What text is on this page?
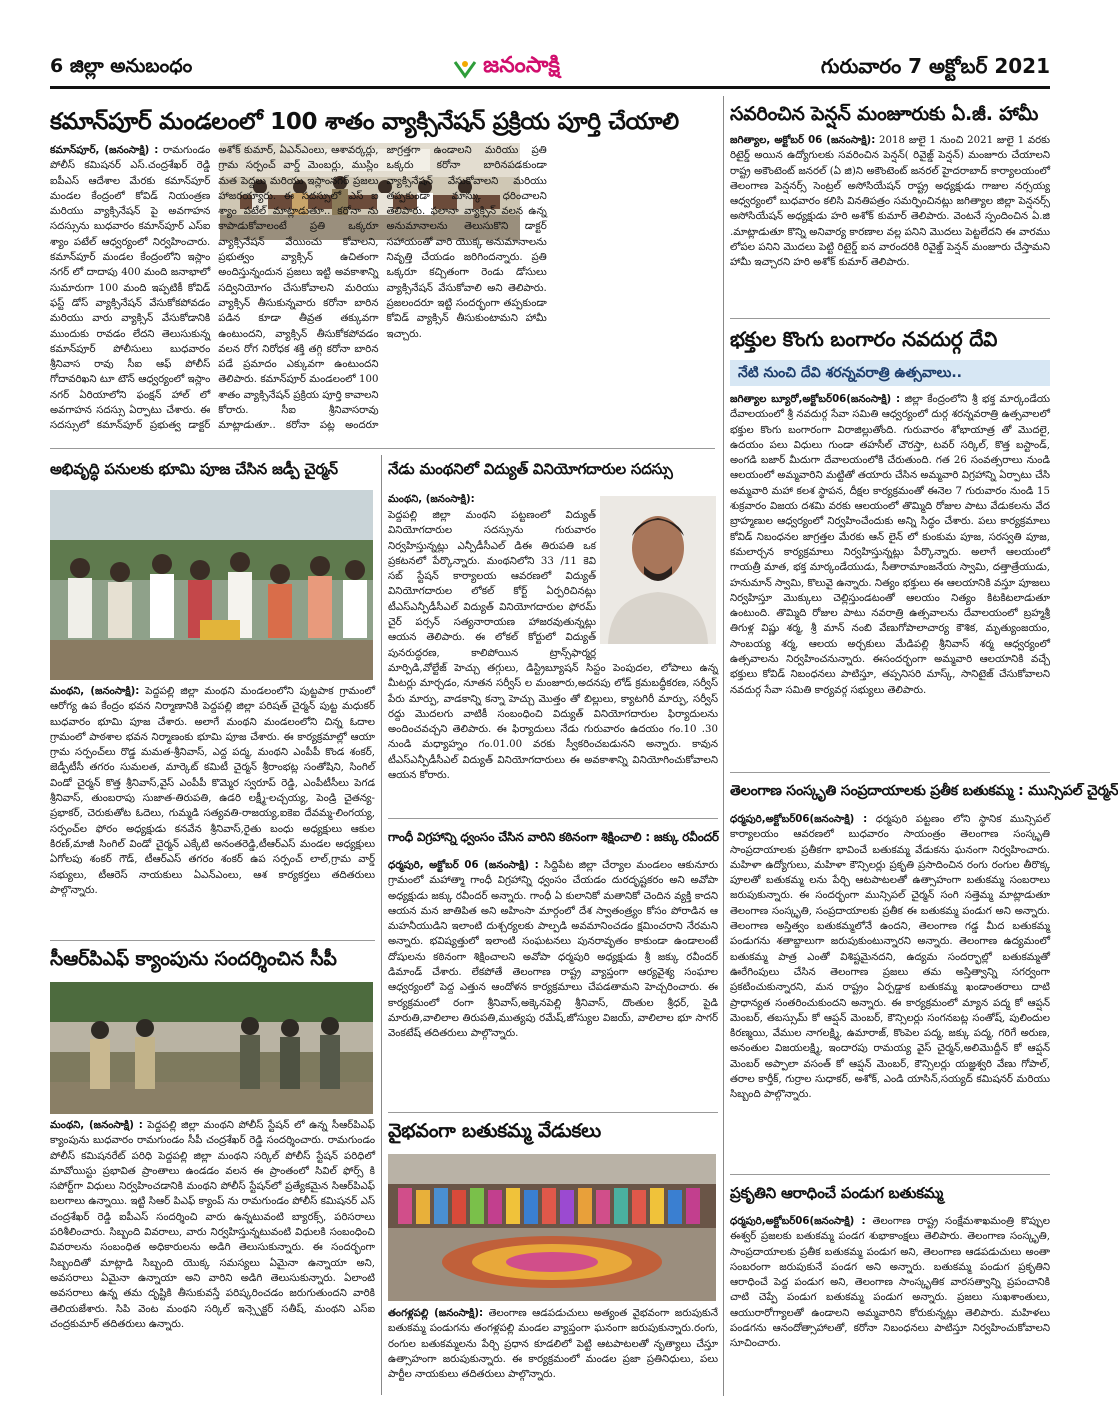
6 జిల్లా అనుబంధం	జనంసాక్షి	గురువారం 7 అక్టోబర్ 2021
కమాన్‌పూర్ మండలంలో 100 శాతం వ్యాక్సినేషన్ ప్రక్రియ పూర్తి చేయాలి

కమాన్‌పూర్, (జనంసాక్షి) : రామగుండం పోలీస్ కమిషనర్ ఎస్.చంద్రశేఖర్ రెడ్డి ఐపీఎస్ ఆదేశాల మేరకు కమాన్‌పూర్ మండల కేంద్రంలో కోవిడ్ నియంత్రణ మరియు వ్యాక్సినేషన్ పై అవగాహన సదస్సును బుధవారం కమాన్‌పూర్ ఎస్ఐ శ్యాం పటేల్ ఆధ్వర్యంలో నిర్వహించారు. కమాన్‌పూర్ మండల కేంద్రంలోని ఇస్లాం నగర్ లో దాదాపు 400 మంది జనాభాలో సుమారుగా 100 మంది ఇప్పటికీ కోవిడ్ ఫస్ట్ డోస్ వ్యాక్సినేషన్ వేసుకోకపోవడం మరియు వారు వ్యాక్సిన్ వేసుకోడానికి ముందుకు రావడం లేదని తెలుసుకున్న కమాన్‌పూర్ పోలీసులు బుధవారం శ్రీనివాస రావు సీఐ ఆఫ్ పోలీస్ గోదావరిఖని టూ టౌన్ ఆధ్వర్యంలో ఇస్లాం నగర్ ఏరియాలోని ఫంక్షన్ హాల్ లో అవగాహన సదస్సు ఏర్పాటు చేశారు. ఈ సదస్సులో కమాన్‌పూర్ ప్రభుత్వ డాక్టర్ అశోక్ కుమార్, ఏఎన్ఎంలు, ఆశావర్కర్లు, గ్రామ సర్పంచ్ వార్డ్ మెంబర్లు, ముస్లిం మత పెద్దలు మరియు ఇస్లాంనగర్ ప్రజలు హాజరయ్యారు. ఈ సదస్సులో ఎస్ ఐ శ్యాం పటేల్ మాట్లాడుతూ.. కరోనా ను కాపాడుకోవాలంటే ప్రతి ఒక్కరూ వ్యాక్సినేషన్ వేయించు కోవాలని, ప్రభుత్వం వ్యాక్సిన్ ఉచితంగా అందిస్తున్నందున ప్రజలు ఇట్టి అవకాశాన్ని సద్వినియోగం చేసుకోవాలని మరియు వ్యాక్సిన్ తీసుకున్నవారు కరోనా బారిన పడిన కూడా తీవ్రత తక్కువగా ఉంటుందని, వ్యాక్సిన్ తీసుకోకపోవడం వలన రోగ నిరోధక శక్తి తగ్గి కరోనా బారిన పడే ప్రమాదం ఎక్కువగా ఉంటుందని తెలిపారు. కమాన్‌పూర్ మండలంలో 100 శాతం వ్యాక్సినేషన్ ప్రక్రియ పూర్తి కావాలని కోరారు. సీఐ శ్రీనివాసరావు మాట్లాడుతూ.. కరోనా పట్ల అందరూ జాగ్రత్తగా ఉండాలని మరియు ప్రతి ఒక్కరు కరోనా బారినపడకుండా వ్యాక్సినేషన్ వేసుకోవాలని మరియు తప్పకుండా మాస్కు ధరించాలని తెలిపారు. ఫలానా వ్యాక్సిన్ వలన ఉన్న అనుమానాలను తెలుసుకొని డాక్టర్ సహాయంతో వారి యొక్క అనుమానాలను నివృత్తి చేయడం జరిగిందన్నారు. ప్రతి ఒక్కరూ కచ్చితంగా రెండు డోసులు వ్యాక్సినేషన్ వేసుకోవాలి అని తెలిపారు. ప్రజలందరూ ఇట్టి సందర్భంగా తప్పకుండా కోవిడ్ వ్యాక్సిన్ తీసుకుంటామని హామీ ఇచ్చారు.

సవరించిన పెన్షన్ మంజూరుకు ఏ.జీ. హామీ

జగిత్యాల, అక్టోబర్ 06 (జనంసాక్షి): 2018 జులై 1 నుంచి 2021 జులై 1 వరకు రిటైర్డ్ అయిన ఉద్యోగులకు సవరించిన పెన్షన్( రివైజ్డ్ పెన్షన్) మంజూరు చేయాలని రాష్ట్ర అకౌంటెంట్ జనరల్ (ఏ జి)ని అకౌంటెంట్ జనరల్ హైదరాబాద్ కార్యాలయంలో తెలంగాణ పెన్షనర్స్ సెంట్రల్ అసోసియేషన్ రాష్ట్ర అధ్యక్షుడు గాజుల నర్సయ్య ఆధ్వర్యంలో బుధవారం కలిసి వినతిపత్రం సమర్పించినట్లు జగిత్యాల జిల్లా పెన్షనర్స్ అసోసియేషన్ అధ్యక్షుడు హరి అశోక్ కుమార్ తెలిపారు. వెంటనే స్పందించిన ఏ.జి .మాట్లాడుతూ కొన్ని అనివార్య కారణాల వల్ల పనిని మొదలు పెట్టలేదని ఈ వారము లోపల పనిని మొదలు పెట్టి రిటైర్డ్ ఐన వారందరికి రివైజ్డ్ పెన్షన్ మంజూరు చేస్తామని హామీ ఇచ్చారని హరి అశోక్ కుమార్ తెలిపారు.

భక్తుల కొంగు బంగారం నవదుర్గ దేవి
నేటి నుంచి దేవి శరన్నవరాత్రి ఉత్సవాలు..

జగిత్యాల బ్యూరో,అక్టోబర్06(జనంసాక్షి) : జిల్లా కేంద్రంలోని శ్రీ భక్త మార్కండేయ దేవాలయంలో శ్రీ నవదుర్గ సేవా సమితి ఆధ్వర్యంలో దుర్గ శరన్నవరాత్రి ఉత్సవాలలో భక్తుల కొంగు బంగారంగా విరాజిల్లుతోంది. గురువారం శోభాయాత్ర తో మొదలై, ఉదయం పలు విధులు గుండా తహసీల్ చౌరస్తా, టవర్ సర్కిల్, కొత్త బస్టాండ్, అంగడి బజార్ మీదుగా దేవాలయంలోకి చేరుతుంది. గత 26 సంవత్సరాలు నుండి ఆలయంలో అమ్మవారిని మట్టితో తయారు చేసిన అమ్మవారి విగ్రహాన్ని ఏర్పాటు చేసి అమ్మవారి మహా కలశ స్థాపన, దీక్షల కార్యక్రమంతో ఈనెల 7 గురువారం నుండి 15 శుక్రవారం విజయ దశమి వరకు ఆలయంలో తొమ్మిది రోజుల పాటు వేడుకలను వేద బ్రాహ్మణుల ఆధ్వర్యంలో నిర్వహించేందుకు అన్ని సిద్ధం చేశారు. పలు కార్యక్రమాలు కోవిడ్ నిబంధనల జాగ్రత్తల మేరకు ఆన్ లైన్ లో కుంకుమ పూజ, సరస్వతి పూజ, కమలార్చన కార్యక్రమాలు నిర్వహిస్తున్నట్లు పేర్కొన్నారు. అలాగే ఆలయంలో గాయత్రీ మాత, భక్త మార్కండేయుడు, సీతారామాంజనేయ స్వామి, దత్తాత్రేయుడు, హనుమాన్ స్వామి, కొలువై ఉన్నారు. నిత్యం భక్తులు ఈ ఆలయానికి వస్తూ పూజలు నిర్వహిస్తూ మొక్కులు చెల్లిస్తుండటంతో ఆలయం నిత్యం కిటకిటలాడుతూ ఉంటుంది. తొమ్మిది రోజుల పాటు నవరాత్రి ఉత్సవాలను దేవాలయంలో బ్రహ్మశ్రీ తిగుళ్ల విష్ణు శర్మ, శ్రీ మాన్ నంబి వేణుగోపాలాచార్య కౌశిక, మృత్యుంజయం, సాంబయ్య శర్మ, ఆలయ అర్చకులు మేడిపల్లి శ్రీనివాస్ శర్మ ఆధ్వర్యంలో ఉత్సవాలను నిర్వహించనున్నారు. ఈసందర్భంగా అమ్మవారి ఆలయానికి వచ్చే భక్తులు కోవిడ్ నిబంధనలు పాటిస్తూ, తప్పనిసరి మాస్క్, సానిటైజ్ చేసుకోవాలని నవదుర్గ సేవా సమితి కార్యవర్గ సభ్యులు తెలిపారు.

అభివృద్ధి పనులకు భూమి పూజ చేసిన జడ్పీ చైర్మన్

మంథని, (జనంసాక్షి): పెద్దపల్లి జిల్లా మంథని మండలంలోని పుట్టపాక గ్రామంలో ఆరోగ్య ఉప కేంద్రం భవన నిర్మాణానికి పెద్దపల్లి జిల్లా పరిషత్ చైర్మన్ పుట్ట మధుకర్ బుధవారం భూమి పూజ చేశారు. అలాగే మంథని మండలంలోని చిన్న ఓదాల గ్రామంలో పాఠశాల భవన నిర్మాణంకు భూమి పూజ చేశారు. ఈ కార్యక్రమాల్లో ఆయా గ్రామ సర్పంచ్‌లు రొడ్డ మమత-శ్రీనివాస్, ఎద్ద పద్మ, మంథని ఎంపీపీ కొండ శంకర్, జెడ్పీటీసీ తగరం సుమలత, మార్కెట్ కమిటీ చైర్మన్ శ్రీరాంభట్ల సంతోషిని, సింగిల్ విండో చైర్మన్ కొత్త శ్రీనివాస్,వైస్ ఎంపీపీ కొమ్మెర స్వరూప్ రెడ్డి, ఎంపీటీసీలు పెగడ శ్రీనివాస్, తుంబరాపు సుజాత-తిరుపతి, ఉడరి లక్ష్మీ-లచ్చయ్య, పెండ్రి చైతన్య-ప్రభాకర్, చెరుకుతోట ఓదెలు, గుమ్మడి సత్యవతి-రాజయ్య,ఐకెఐ దేవమ్మ-లింగయ్య, సర్పంచ్‌ల ఫోరం అధ్యక్షుడు కనవేన శ్రీనివాస్,రైతు బంధు అధ్యక్షులు ఆకుల కిరణ్,మాజీ సింగిల్ విండో చైర్మన్ ఎక్కేటి అనంతరెడ్డి,టీఆర్ఎస్ మండల అధ్యక్షులు ఏగోలపు శంకర్ గౌడ్, టీఆర్ఎస్ తగరం శంకర్ ఉప సర్పంచ్ లాల్,గ్రామ వార్డ్ సభ్యులు, టీఆరెస్ నాయకులు ఏఎన్ఎంలు, ఆశ కార్యకర్తలు తదితరులు పాల్గొన్నారు.

నేడు మంథనిలో విద్యుత్ వినియోగదారుల సదస్సు

మంథని, (జనంసాక్షి):

పెద్దపల్లి జిల్లా మంథని పట్టణంలో విద్యుత్ వినియోగదారుల సదస్సును గురువారం నిర్వహిస్తున్నట్లు ఎన్పీడీసీఎల్ డిఈ తిరుపతి ఒక ప్రకటనలో పేర్కొన్నారు. మంథనిలోని 33 /11 కెవి సబ్ స్టేషన్ కార్యాలయ ఆవరణలో విద్యుత్ వినియోగదారుల లోకల్ కోర్ట్ ఏర్పరిచినట్లు టీఎస్ఎన్పీడీసీఎల్ విద్యుత్ వినియోగదారుల ఫోరమ్ చైర్ పర్సన్ సత్యనారాయణ హాజరవుతున్నట్లు ఆయన తెలిపారు. ఈ లోకల్ కోర్టులో విద్యుత్ పునరుద్ధరణ, కాలిపోయిన ట్రాన్స్‌ఫార్మర్ల మార్పిడి,వోల్టేజ్ హెచ్చు తగ్గులు, డిస్ట్రిబ్యూషన్ సిస్టం పెంపుదల, లోపాలు ఉన్న మీటర్లు మార్చడం, నూతన సర్వీస్ ల మంజూరు,అదనపు లోడ్ క్రమబద్ధీకరణ, సర్వీస్ పేరు మార్పు, వాడకాన్ని కన్నా హెచ్చు మొత్తం తో బిల్లులు, క్యాటగిరీ మార్పు, సర్వీస్ రద్దు మొదలగు వాటికీ సంబంధించి విద్యుత్ వినియోగదారుల ఫిర్యాదులను అందించవచ్చని తెలిపారు. ఈ ఫిర్యాదులు నేడు గురువారం ఉదయం గం.10 .30 నుండి మధ్యాహ్నం గం.01.00 వరకు స్వీకరించబడునని అన్నారు. కావున టీఎస్ఎన్పీడీసీఎల్ విద్యుత్ వినియోగదారులు ఈ అవకాశాన్ని వినియోగించుకోవాలని ఆయన కోరారు.

తెలంగాణ సంస్కృతి సంప్రదాయాలకు ప్రతీక బతుకమ్మ : మున్సిపల్ చైర్మన్

ధర్మపురి,అక్టోబర్06(జనంసాక్షి) : ధర్మపురి పట్టణం లోని స్థానిక మున్సిపల్ కార్యాలయం ఆవరణలో బుధవారం సాయంత్రం తెలంగాణ సంస్కృతి సాంప్రదాయాలకు ప్రతీకగా భావించే బతుకమ్మ వేడుకను ఘనంగా నిర్వహించారు. మహిళా ఉద్యోగులు, మహిళా కౌన్సిలర్లు ప్రకృతి ప్రసాదించిన రంగు రంగుల తీరొక్క పూలతో బతుకమ్మ లను పేర్చి ఆటపాటలతో ఉత్సాహంగా బతుకమ్మ సంబరాలు జరుపుకున్నారు. ఈ సందర్భంగా మున్సిపల్ చైర్మన్ సంగి సత్తెమ్మ మాట్లాడుతూ తెలంగాణ సంస్కృతి, సంప్రదాయాలకు ప్రతీక ఈ బతుకమ్మ పండుగ అని అన్నారు. తెలంగాణ అస్తిత్వం బతుకమ్మలోనే ఉందని, తెలంగాణ గడ్డ మీద బతుకమ్మ పండుగను శతాబ్దాలుగా జరుపుకుంటున్నారని అన్నారు. తెలంగాణ ఉద్యమంలో బతుకమ్మ పాత్ర ఎంతో విశిష్టమైనదని, ఉద్యమ సందర్భాల్లో బతుకమ్మతో ఊరేగింపులు చేసిన తెలంగాణ ప్రజలు తమ అస్తిత్వాన్ని సగర్వంగా ప్రకటించుకున్నారని, మన రాష్ట్రం ఏర్పడ్డాక బతుకమ్మ ఖండాంతరాలు దాటి ప్రాధాన్యత సంతరించుకుందని అన్నారు. ఈ కార్యక్రమంలో మ్యాన పద్మ కో ఆప్షన్ మెంబర్, తబస్సుమ్ కో ఆప్షన్ మెంబర్, కౌన్సిలర్లు సంగనబట్ల సంతోష్, పులిందుల కిరణ్మయి, వేముల నాగలక్ష్మి, ఉమారాజ్, కొంపెల పద్మ, జక్కు పద్మ, గరిగే అరుణ, అనంతుల విజయలక్ష్మి, ఇందారపు రామయ్య వైస్ చైర్మన్,అలిమొద్దీన్ కో ఆప్షన్ మెంబర్ అప్పాలా వసంత్ కో ఆప్షన్ మెంబర్, కౌన్సిలర్లు యజ్ఞశ్వరి వేణు గోపాల్, తరాల కార్తీక్, గుర్రాల సుధాకర్, అశోక్, ఎండి యాసిన్,సయ్యద్ కమిషనర్ మరియు సిబ్బంది పాల్గొన్నారు.

గాంధీ విగ్రహాన్ని ధ్వంసం చేసిన వారిని కఠినంగా శిక్షించాలి : జక్కు రవీందర్

ధర్మపురి, అక్టోబర్ 06 (జనంసాక్షి) : సిద్దిపేట జిల్లా చేర్యాల మండలం ఆకునూరు గ్రామంలో మహాత్మా గాంధీ విగ్రహాన్ని ధ్వంసం చేయడం దురదృష్టకరం అని అవోపా అధ్యక్షుడు జక్కు రవీందర్ అన్నారు. గాంధీ ఏ కులానికో మతానికో చెందిన వ్యక్తి కాదని ఆయన మన జాతిపిత అని అహింసా మార్గంలో దేశ స్వాతంత్ర్యం కోసం పోరాడిన ఆ మహనీయుడిని ఇలాంటి దుశ్చర్యలకు పాల్పడి అవమానించడం క్షమించరాని నేరమని అన్నారు. భవిష్యత్తులో ఇలాంటి సంఘటనలు పునరావృతం కాకుండా ఉండాలంటే దోషులను కఠినంగా శిక్షించాలని అవోపా ధర్మపురి అధ్యక్షుడు శ్రీ జక్కు రవీందర్ డిమాండ్ చేశారు. లేకపోతే తెలంగాణ రాష్ట్ర వ్యాప్తంగా ఆర్యవైశ్య సంఘాల ఆధ్వర్యంలో పెద్ద ఎత్తున ఆందోళన కార్యక్రమాలు చేపడతామని హెచ్చరించారు. ఈ కార్యక్రమంలో రంగా శ్రీనివాస్,అక్కెనపెల్లి శ్రీనివాస్, దొంతుల శ్రీధర్, పైడి మారుతి,వాలిలాల తిరుపతి,ముత్యపు రమేష్,జోస్యుల విజయ్, వాలిలాల భూ సాగర్ వెంకటేష్ తదితరులు పాల్గొన్నారు.

సీఆర్‌పిఎఫ్ క్యాంపును సందర్శించిన సీపీ

మంథని, (జనంసాక్షి) : పెద్దపల్లి జిల్లా మంథని పోలీస్ స్టేషన్ లో ఉన్న సీఆర్‌పిఎఫ్ క్యాంపును బుధవారం రామగుండం సీపీ చంద్రశేఖర్ రెడ్డి సందర్శించారు. రామగుండం పోలీస్ కమిషనరేట్ పరిధి పెద్దపల్లి జిల్లా మంథని సర్కిల్ పోలీస్ స్టేషన్ పరిధిలో మావోయిస్టు ప్రభావిత ప్రాంతాలు ఉండడం వలన ఈ ప్రాంతంలో సివిల్ ఫోర్స్ కి సపోర్ట్‌గా విధులు నిర్వహించడానికి మంథని పోలీస్ స్టేషన్‌లో ప్రత్యేకమైన సిఆర్‌పిఎఫ్ బలగాలు ఉన్నాయి. ఇట్టి సిఆర్ పిఎఫ్ క్యాంప్ ను రామగుండం పోలీస్ కమిషనర్ ఎస్ చంద్రశేఖర్ రెడ్డి ఐపీఎస్ సందర్శించి వారు ఉన్నటువంటి బ్యారక్స్, పరిసరాలు పరిశీలించారు. సిబ్బంది వివరాలు, వారు నిర్వహిస్తున్నటువంటి విధులకి సంబంధించి వివరాలను సంబంధిత అధికారులను అడిగి తెలుసుకున్నారు. ఈ సందర్భంగా సిబ్బందితో మాట్లాడి సిబ్బంది యొక్క సమస్యలు ఏమైనా ఉన్నాయా అని, అవసరాలు ఏమైనా ఉన్నాయా అని వారిని అడిగి తెలుసుకున్నారు. ఏలాంటి అవసరాలు ఉన్న తమ దృష్టికి తీసుకువస్తే పరిష్కరించడం జరుగుతుందని వారికి తెలియజేశారు. సిపి వెంట మంథని సర్కిల్ ఇన్స్పెక్టర్ సతీష్, మంథని ఎస్ఐ చంద్రకుమార్ తదితరులు ఉన్నారు.

వైభవంగా బతుకమ్మ వేడుకలు

తంగళ్లపల్లి (జనంసాక్షి): తెలంగాణ ఆడపడుచులు అత్యంత వైభవంగా జరుపుకునే బతుకమ్మ పండుగను తంగళ్లపల్లి మండల వ్యాప్తంగా ఘనంగా జరుపుకున్నారు.రంగు, రంగుల బతుకమ్మలను పేర్చి ప్రధాన కూడలిలో పెట్టి ఆటపాటలతో నృత్యాలు చేస్తూ ఉత్సాహంగా జరుపుకున్నారు. ఈ కార్యక్రమంలో మండల ప్రజా ప్రతినిధులు, పలు పార్టీల నాయకులు తదితరులు పాల్గొన్నారు.

ప్రకృతిని ఆరాధించే పండుగ బతుకమ్మ

ధర్మపురి,అక్టోబర్06(జనంసాక్షి) : తెలంగాణ రాష్ట్ర సంక్షేమశాఖమంత్రి కొప్పుల ఈశ్వర్ ప్రజలకు బతుకమ్మ పండగ శుభాకాంక్షలు తెలిపారు. తెలంగాణ సంస్కృతి, సాంప్రదాయాలకు ప్రతీక బతుకమ్మ పండుగ అని, తెలంగాణ ఆడపడుచులు అంతా సంబరంగా జరుపుకునే పండగ అని అన్నారు. బతుకమ్మ పండుగ ప్రకృతిని ఆరాధించే పెద్ద పండుగ అని, తెలంగాణ సాంస్కృతిక వారసత్వాన్ని ప్రపంచానికి చాటి చెప్పే పండుగ బతుకమ్మ పండుగ అన్నారు. ప్రజలు సుఖశాంతులు, ఆయురారోగ్యాలతో ఉండాలని అమ్మవారిని కోరుకున్నట్లు తెలిపారు. మహిళలు పండగను ఆనందోత్సాహాలతో, కరోనా నిబంధనలు పాటిస్తూ నిర్వహించుకోవాలని సూచించారు.
